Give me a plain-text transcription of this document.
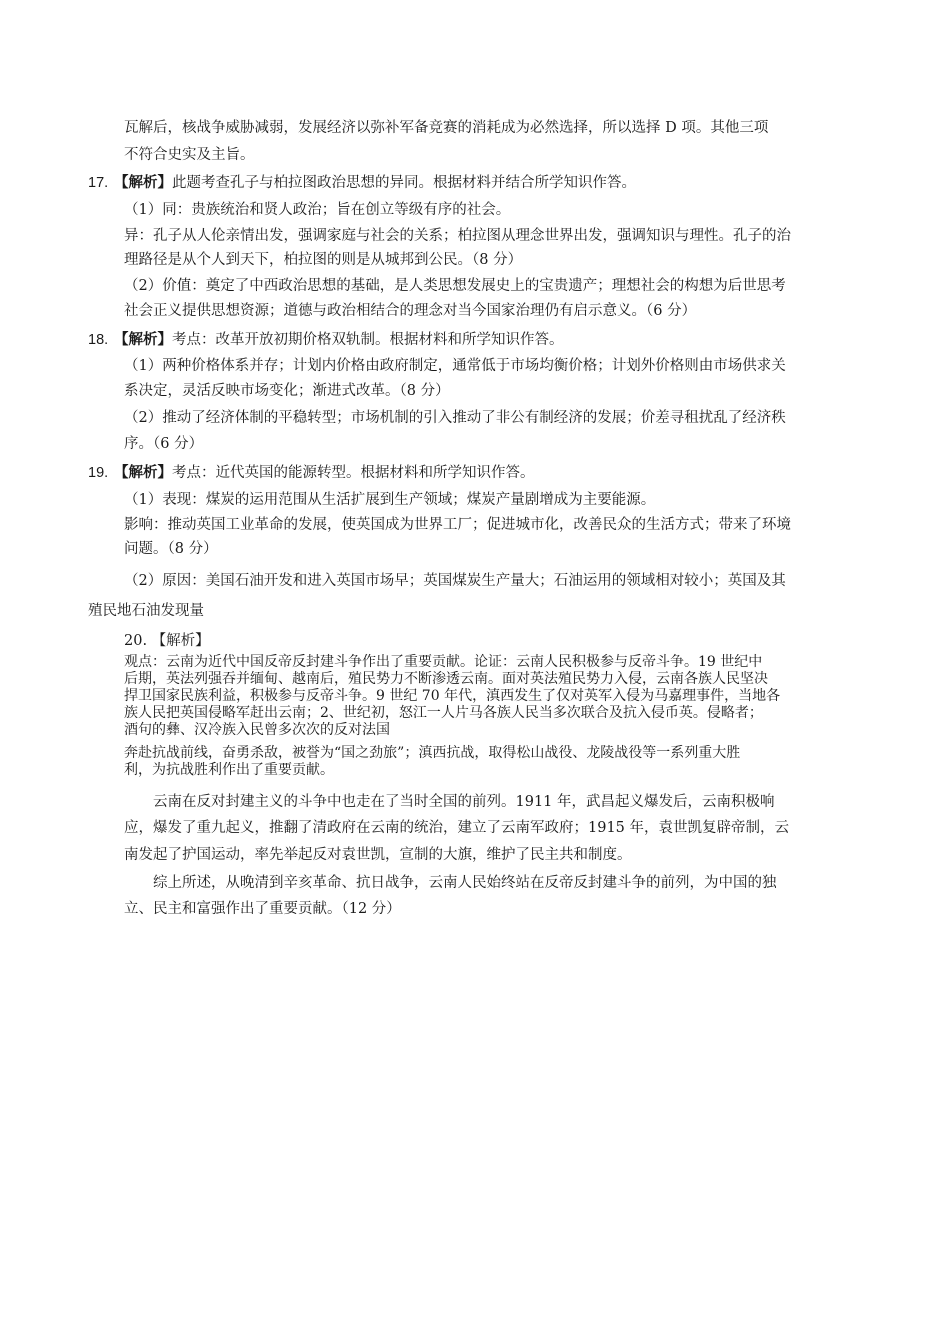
瓦解后，核战争威胁减弱，发展经济以弥补军备竞赛的消耗成为必然选择，所以选择 D 项。其他三项
不符合史实及主旨。
17. 【解析】此题考查孔子与柏拉图政治思想的异同。根据材料并结合所学知识作答。
（1）同：贵族统治和贤人政治；旨在创立等级有序的社会。
异：孔子从人伦亲情出发，强调家庭与社会的关系；柏拉图从理念世界出发，强调知识与理性。孔子的治
理路径是从个人到天下，柏拉图的则是从城邦到公民。（8 分）
（2）价值：奠定了中西政治思想的基础，是人类思想发展史上的宝贵遗产；理想社会的构想为后世思考
社会正义提供思想资源；道德与政治相结合的理念对当今国家治理仍有启示意义。（6 分）
18. 【解析】考点：改革开放初期价格双轨制。根据材料和所学知识作答。
（1）两种价格体系并存；计划内价格由政府制定，通常低于市场均衡价格；计划外价格则由市场供求关
系决定，灵活反映市场变化；渐进式改革。（8 分）
（2）推动了经济体制的平稳转型；市场机制的引入推动了非公有制经济的发展；价差寻租扰乱了经济秩
序。（6 分）
19. 【解析】考点：近代英国的能源转型。根据材料和所学知识作答。
（1）表现：煤炭的运用范围从生活扩展到生产领域；煤炭产量剧增成为主要能源。
影响：推动英国工业革命的发展，使英国成为世界工厂；促进城市化，改善民众的生活方式；带来了环境
问题。（8 分）
（2）原因：美国石油开发和进入英国市场早；英国煤炭生产量大；石油运用的领域相对较小；英国及其
殖民地石油发现量
20. 【解析】
观点：云南为近代中国反帝反封建斗争作出了重要贡献。论证：云南人民积极参与反帝斗争。19 世纪中
后期，英法列强吞并缅甸、越南后，殖民势力不断渗透云南。面对英法殖民势力入侵，云南各族人民坚决
捍卫国家民族利益，积极参与反帝斗争。9 世纪 70 年代，滇西发生了仅对英军入侵为马嘉理事件，当地各
族人民把英国侵略军赶出云南；2、世纪初，怒江一人片马各族人民当多次联合及抗入侵币英。侵略者；
酒句的彝、汉冷族入民曾多次次的反对法国
奔赴抗战前线，奋勇杀敌，被誉为“国之劲旅”；滇西抗战，取得松山战役、龙陵战役等一系列重大胜
利，为抗战胜利作出了重要贡献。
云南在反对封建主义的斗争中也走在了当时全国的前列。1911 年，武昌起义爆发后，云南积极响
应，爆发了重九起义，推翻了清政府在云南的统治，建立了云南军政府；1915 年，袁世凯复辟帝制，云
南发起了护国运动，率先举起反对袁世凯，宣制的大旗，维护了民主共和制度。
综上所述，从晚清到辛亥革命、抗日战争，云南人民始终站在反帝反封建斗争的前列，为中国的独
立、民主和富强作出了重要贡献。（12 分）
